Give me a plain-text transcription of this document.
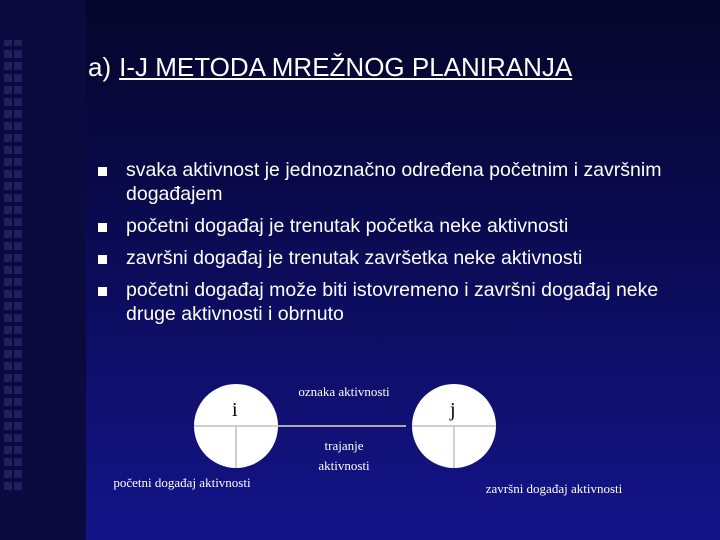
a) I-J METODA MREŽNOG PLANIRANJA
svaka aktivnost je jednoznačno određena početnim i završnim događajem
početni događaj je trenutak početka neke aktivnosti
završni događaj je trenutak završetka neke aktivnosti
početni događaj može biti istovremeno i završni događaj neke druge aktivnosti i obrnuto
i	j
oznaka aktivnosti
trajanje
aktivnosti
početni događaj aktivnosti	završni događaj aktivnosti
